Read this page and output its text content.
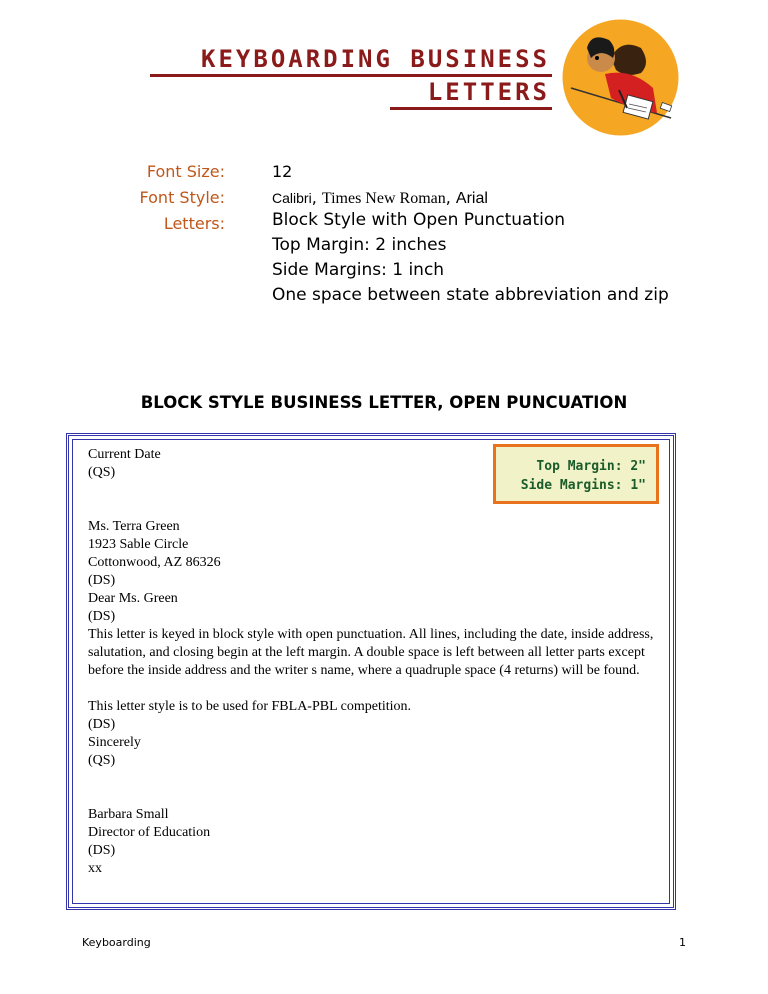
KEYBOARDING BUSINESS
LETTERS
Font Size:	12
Font Style:	Calibri, Times New Roman, Arial
Letters:	Block Style with Open Punctuation
Top Margin: 2 inches
Side Margins: 1 inch
One space between state abbreviation and zip
BLOCK STYLE BUSINESS LETTER, OPEN PUNCUATION
Top Margin: 2"
Side Margins: 1"

Current Date

(QS)

Ms. Terra Green

1923 Sable Circle

Cottonwood, AZ 86326

(DS)

Dear Ms. Green

(DS)

This letter is keyed in block style with open punctuation. All lines, including the date, inside address, salutation, and closing begin at the left margin. A double space is left between all letter parts except before the inside address and the writer s name, where a quadruple space (4 returns) will be found.

This letter style is to be used for FBLA-PBL competition.

(DS)

Sincerely

(QS)

Barbara Small

Director of Education

(DS)

xx

Keyboarding	1
